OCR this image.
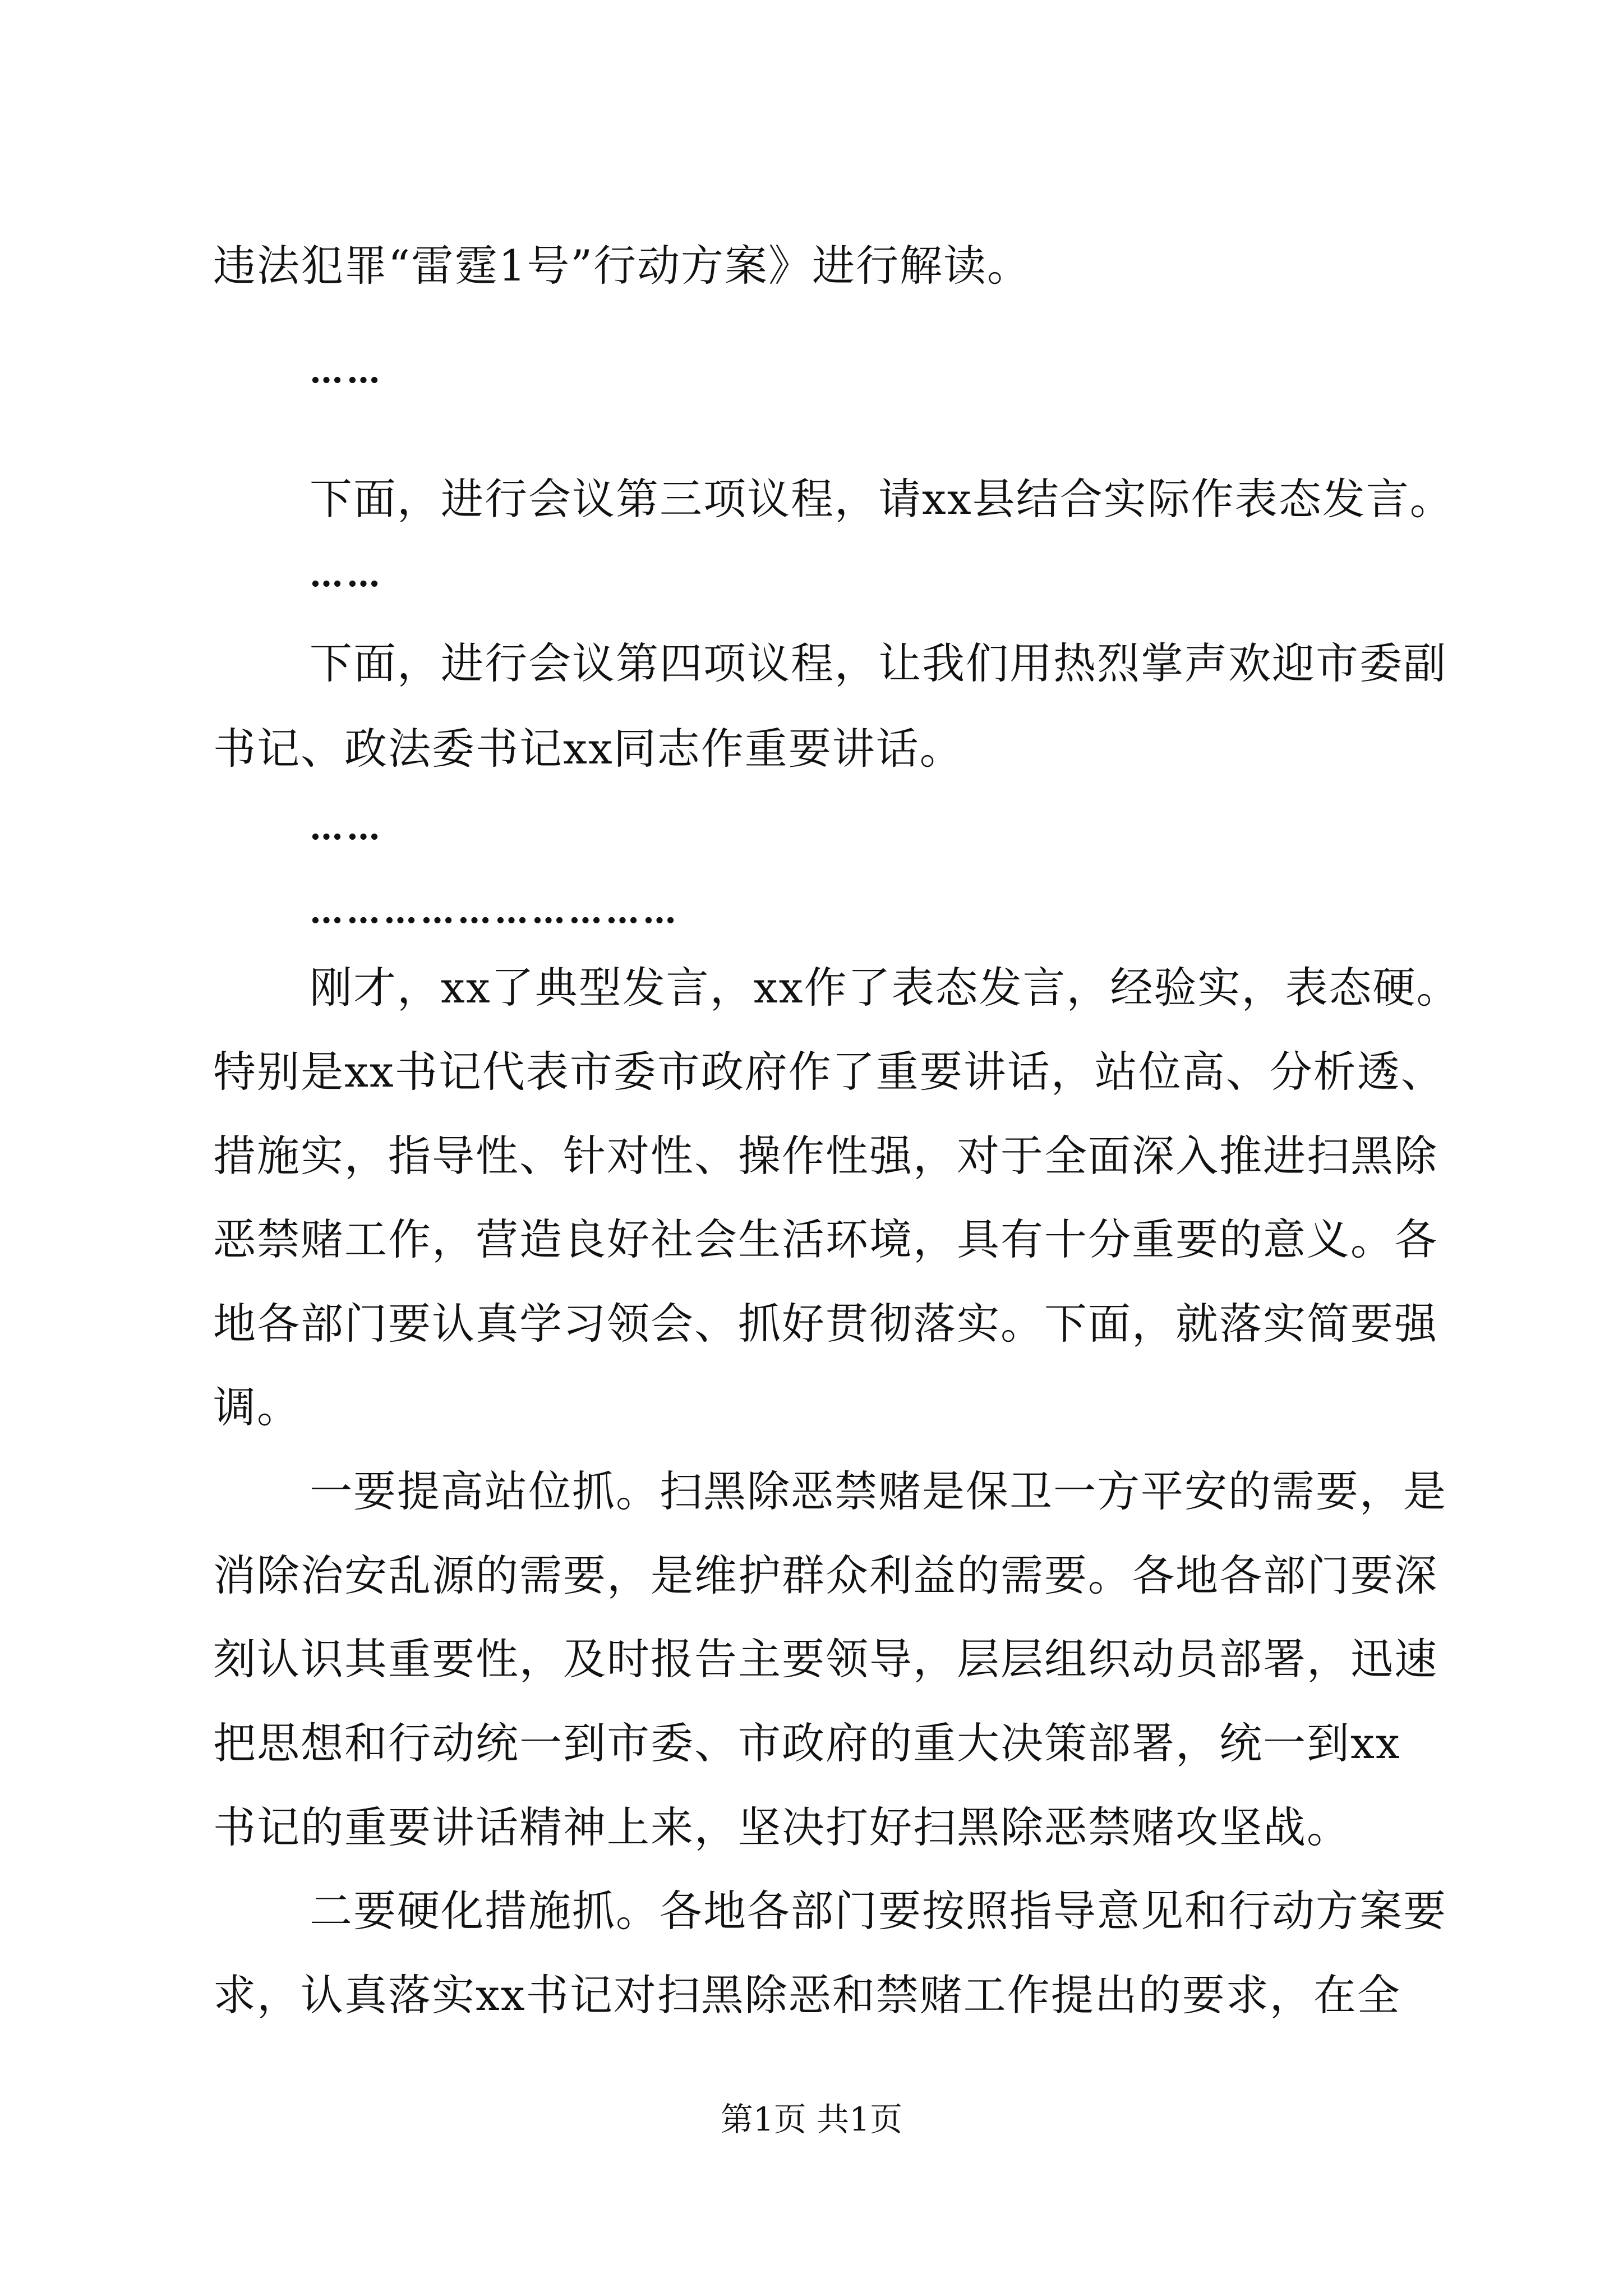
违法犯罪“雷霆1号”行动方案》进行解读。
……
下面，进行会议第三项议程，请xx县结合实际作表态发言。
……
下面，进行会议第四项议程，让我们用热烈掌声欢迎市委副
书记、政法委书记xx同志作重要讲话。
……
…………………………
刚才，xx了典型发言，xx作了表态发言，经验实，表态硬。
特别是xx书记代表市委市政府作了重要讲话，站位高、分析透、
措施实，指导性、针对性、操作性强，对于全面深入推进扫黑除
恶禁赌工作，营造良好社会生活环境，具有十分重要的意义。各
地各部门要认真学习领会、抓好贯彻落实。下面，就落实简要强
调。
一要提高站位抓。扫黑除恶禁赌是保卫一方平安的需要，是
消除治安乱源的需要，是维护群众利益的需要。各地各部门要深
刻认识其重要性，及时报告主要领导，层层组织动员部署，迅速
把思想和行动统一到市委、市政府的重大决策部署，统一到xx
书记的重要讲话精神上来，坚决打好扫黑除恶禁赌攻坚战。
二要硬化措施抓。各地各部门要按照指导意见和行动方案要
求，认真落实xx书记对扫黑除恶和禁赌工作提出的要求，在全
第1页 共1页
